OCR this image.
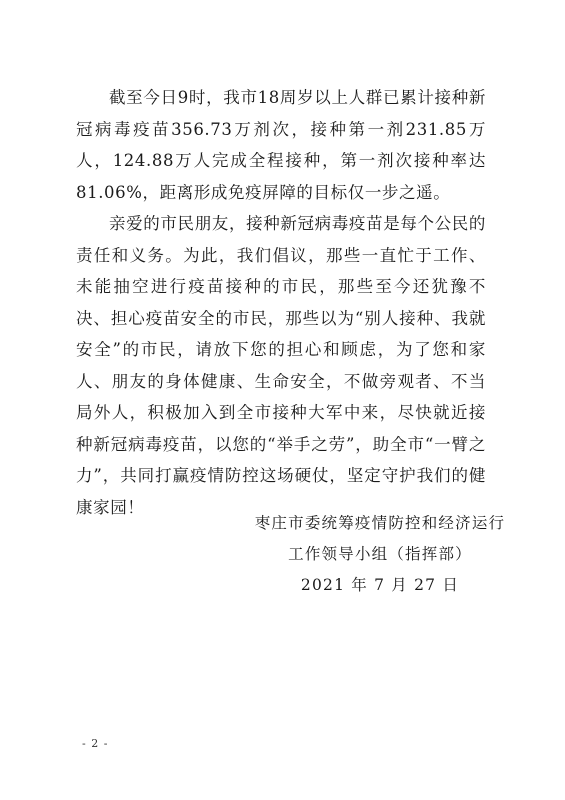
截至今日9时，我市18周岁以上人群已累计接种新冠病毒疫苗356.73万剂次，接种第一剂231.85万人，124.88万人完成全程接种，第一剂次接种率达81.06%，距离形成免疫屏障的目标仅一步之遥。

亲爱的市民朋友，接种新冠病毒疫苗是每个公民的责任和义务。为此，我们倡议，那些一直忙于工作、未能抽空进行疫苗接种的市民，那些至今还犹豫不决、担心疫苗安全的市民，那些以为“别人接种、我就安全”的市民，请放下您的担心和顾虑，为了您和家人、朋友的身体健康、生命安全，不做旁观者、不当局外人，积极加入到全市接种大军中来，尽快就近接种新冠病毒疫苗，以您的“举手之劳”，助全市“一臂之力”，共同打赢疫情防控这场硬仗，坚定守护我们的健康家园！

枣庄市委统筹疫情防控和经济运行
工作领导小组（指挥部）
2021 年 7 月 27 日
- 2 -
